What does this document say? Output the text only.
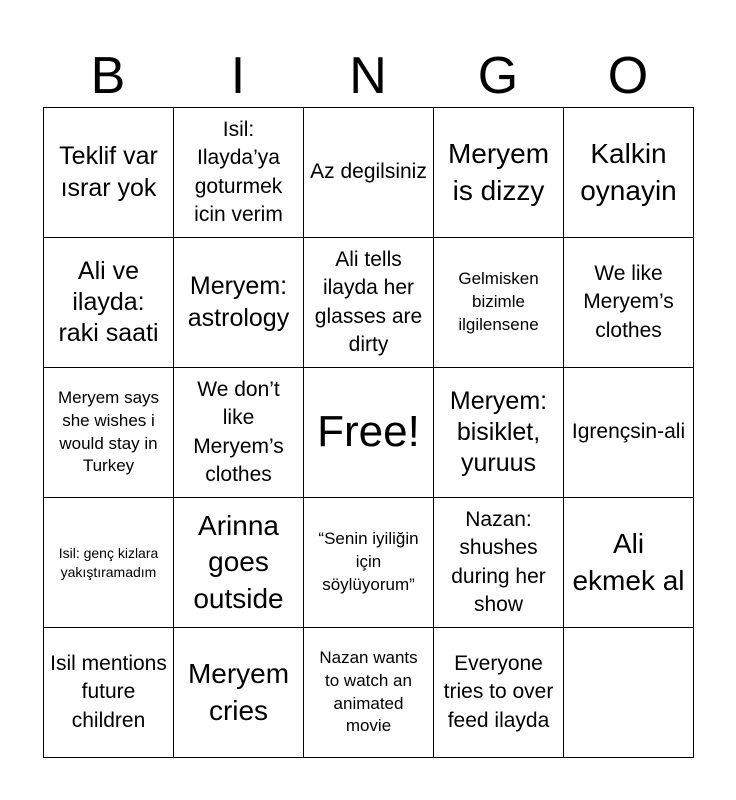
B	I	N	G	O
Teklif var ısrar yok	Isil: Ilayda’ya goturmek icin verim	Az degilsiniz	Meryem is dizzy	Kalkin oynayin
Ali ve ilayda: raki saati	Meryem: astrology	Ali tells ilayda her glasses are dirty	Gelmisken bizimle ilgilensene	We like Meryem’s clothes
Meryem says she wishes i would stay in Turkey	We don’t like Meryem’s clothes	Free!	Meryem: bisiklet, yuruus	Igrençsin-ali
Isil: genç kizlara yakıştıramadım	Arinna goes outside	“Senin iyiliğin için söylüyorum”	Nazan: shushes during her show	Ali ekmek al
Isil mentions future children	Meryem cries	Nazan wants to watch an animated movie	Everyone tries to over feed ilayda	
